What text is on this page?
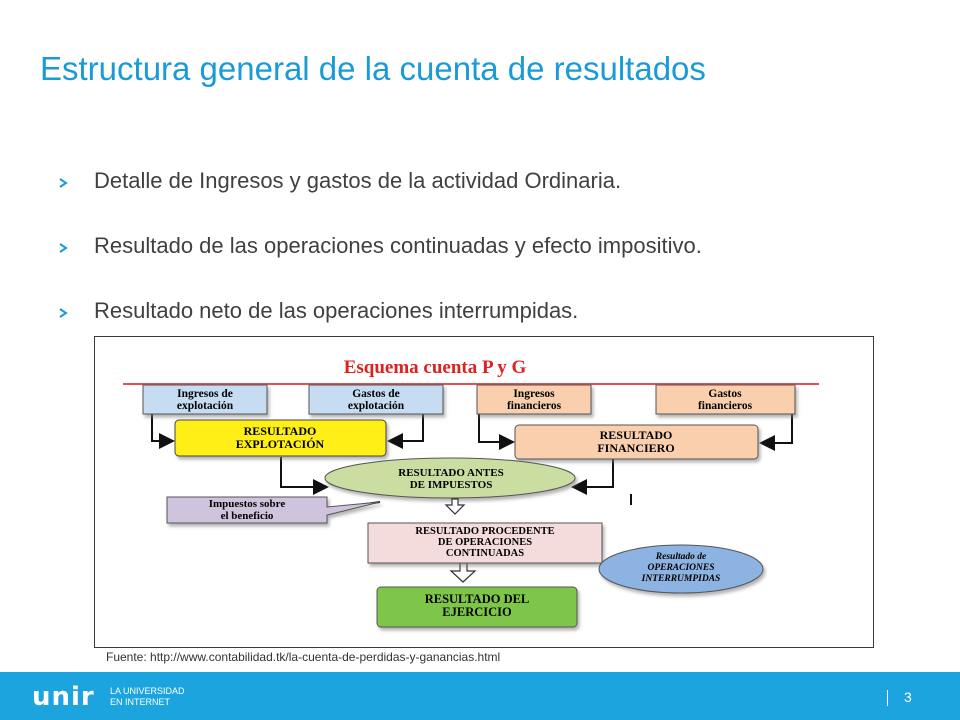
Estructura general de la cuenta de resultados
Detalle de Ingresos y gastos de la actividad Ordinaria.
Resultado de las operaciones continuadas y efecto impositivo.
Resultado neto de las operaciones interrumpidas.
Esquema cuenta P y G
Ingresos de explotación
Gastos de explotación
Ingresos financieros
Gastos financieros
RESULTADO EXPLOTACIÓN
RESULTADO FINANCIERO
RESULTADO ANTES DE IMPUESTOS
Impuestos sobre el beneficio
RESULTADO PROCEDENTE DE OPERACIONES CONTINUADAS	Resultado de OPERACIONES INTERRUMPIDAS
RESULTADO DEL EJERCICIO
Fuente: http://www.contabilidad.tk/la-cuenta-de-perdidas-y-ganancias.html
unir LA UNIVERSIDAD
EN INTERNET	3
